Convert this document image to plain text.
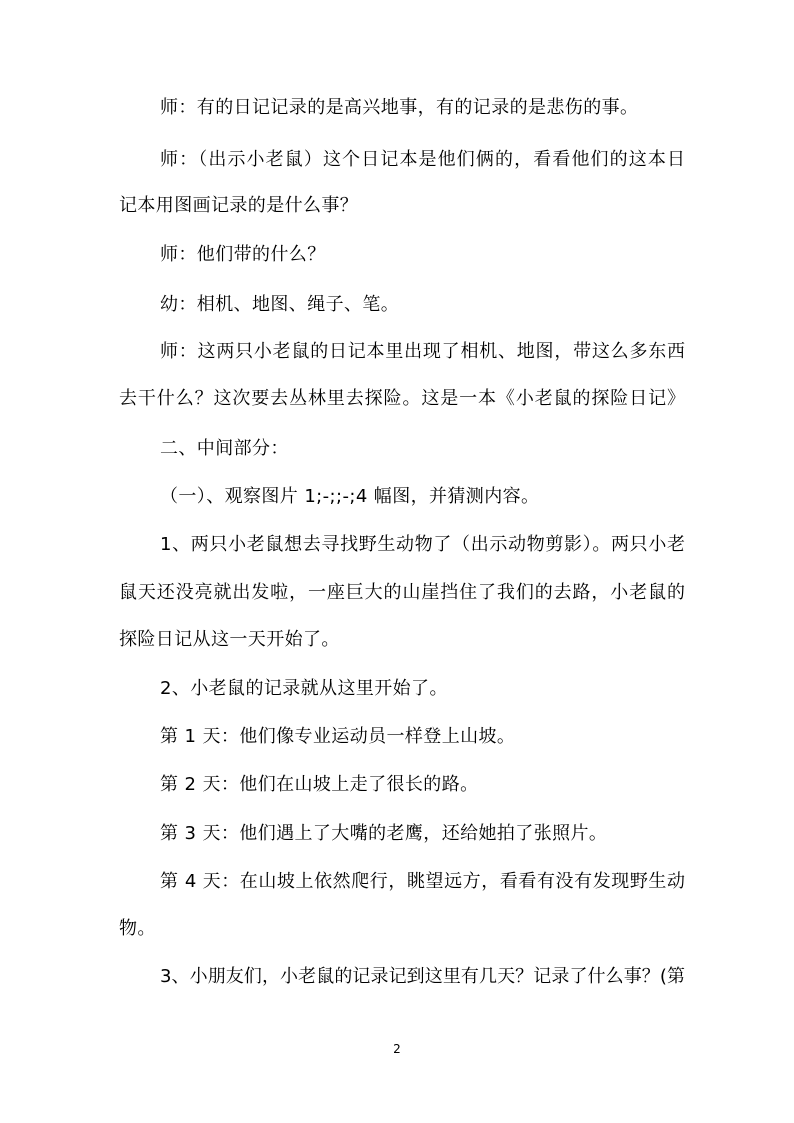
师：有的日记记录的是高兴地事，有的记录的是悲伤的事。
师：（出示小老鼠）这个日记本是他们俩的，看看他们的这本日
记本用图画记录的是什么事？
师：他们带的什么？
幼：相机、地图、绳子、笔。
师：这两只小老鼠的日记本里出现了相机、地图，带这么多东西
去干什么？这次要去丛林里去探险。这是一本《小老鼠的探险日记》
二、中间部分：
（一）、观察图片 1;-;;-;4 幅图，并猜测内容。
1、两只小老鼠想去寻找野生动物了（出示动物剪影）。两只小老
鼠天还没亮就出发啦，一座巨大的山崖挡住了我们的去路，小老鼠的
探险日记从这一天开始了。
2、小老鼠的记录就从这里开始了。
第 1 天：他们像专业运动员一样登上山坡。
第 2 天：他们在山坡上走了很长的路。
第 3 天：他们遇上了大嘴的老鹰，还给她拍了张照片。
第 4 天：在山坡上依然爬行，眺望远方，看看有没有发现野生动
物。
3、小朋友们，小老鼠的记录记到这里有几天？记录了什么事？(第
2
